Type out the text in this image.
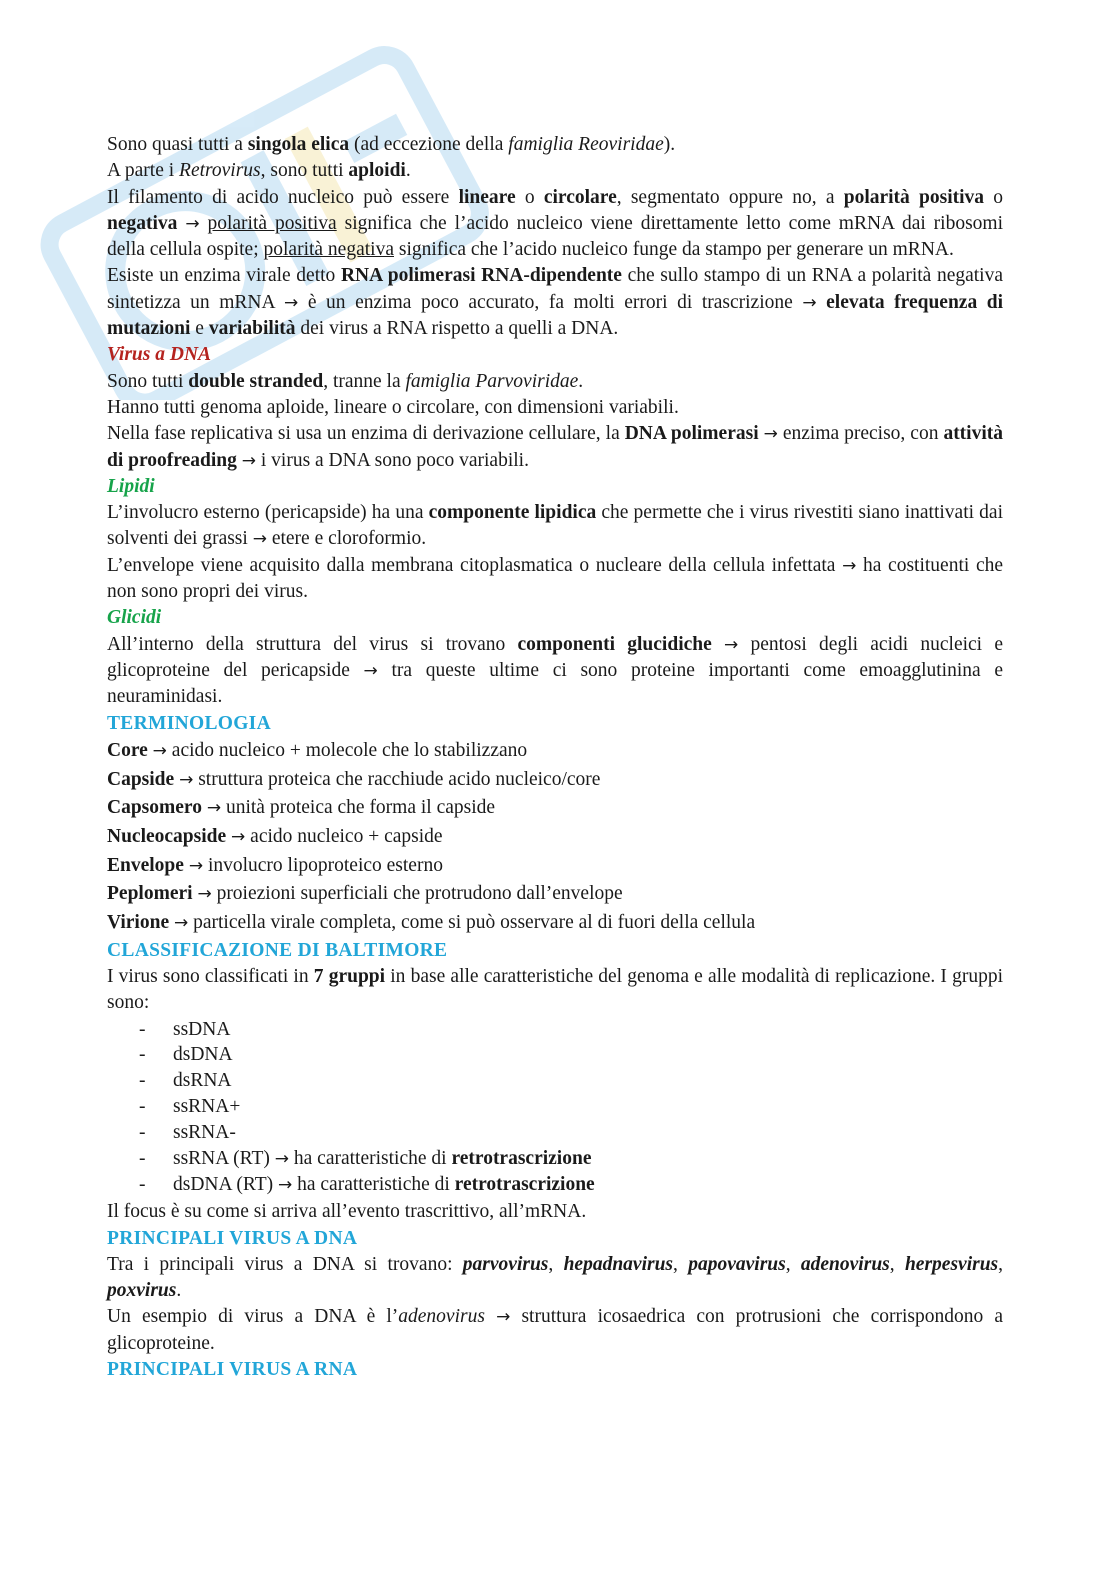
Sono quasi tutti a singola elica (ad eccezione della famiglia Reoviridae).

A parte i Retrovirus, sono tutti aploidi.

Il filamento di acido nucleico può essere lineare o circolare, segmentato oppure no, a polarità positiva o negativa → polarità positiva significa che l’acido nucleico viene direttamente letto come mRNA dai ribosomi della cellula ospite; polarità negativa significa che l’acido nucleico funge da stampo per generare un mRNA.

Esiste un enzima virale detto RNA polimerasi RNA-dipendente che sullo stampo di un RNA a polarità negativa sintetizza un mRNA → è un enzima poco accurato, fa molti errori di trascrizione → elevata frequenza di mutazioni e variabilità dei virus a RNA rispetto a quelli a DNA.

Virus a DNA

Sono tutti double stranded, tranne la famiglia Parvoviridae.

Hanno tutti genoma aploide, lineare o circolare, con dimensioni variabili.

Nella fase replicativa si usa un enzima di derivazione cellulare, la DNA polimerasi → enzima preciso, con attività di proofreading → i virus a DNA sono poco variabili.

Lipidi

L’involucro esterno (pericapside) ha una componente lipidica che permette che i virus rivestiti siano inattivati dai solventi dei grassi → etere e cloroformio.

L’envelope viene acquisito dalla membrana citoplasmatica o nucleare della cellula infettata → ha costituenti che non sono propri dei virus.

Glicidi

All’interno della struttura del virus si trovano componenti glucidiche → pentosi degli acidi nucleici e glicoproteine del pericapside → tra queste ultime ci sono proteine importanti come emoagglutinina e neuraminidasi.

TERMINOLOGIA

Core → acido nucleico + molecole che lo stabilizzano

Capside → struttura proteica che racchiude acido nucleico/core

Capsomero → unità proteica che forma il capside

Nucleocapside → acido nucleico + capside

Envelope → involucro lipoproteico esterno

Peplomeri → proiezioni superficiali che protrudono dall’envelope

Virione → particella virale completa, come si può osservare al di fuori della cellula

CLASSIFICAZIONE DI BALTIMORE

I virus sono classificati in 7 gruppi in base alle caratteristiche del genoma e alle modalità di replicazione. I gruppi sono:

-	ssDNA
-	dsDNA
-	dsRNA
-	ssRNA+
-	ssRNA-
-	ssRNA (RT) → ha caratteristiche di retrotrascrizione
-	dsDNA (RT) → ha caratteristiche di retrotrascrizione

Il focus è su come si arriva all’evento trascrittivo, all’mRNA.

PRINCIPALI VIRUS A DNA

Tra i principali virus a DNA si trovano: parvovirus, hepadnavirus, papovavirus, adenovirus, herpesvirus, poxvirus.

Un esempio di virus a DNA è l’adenovirus → struttura icosaedrica con protrusioni che corrispondono a glicoproteine.

PRINCIPALI VIRUS A RNA
